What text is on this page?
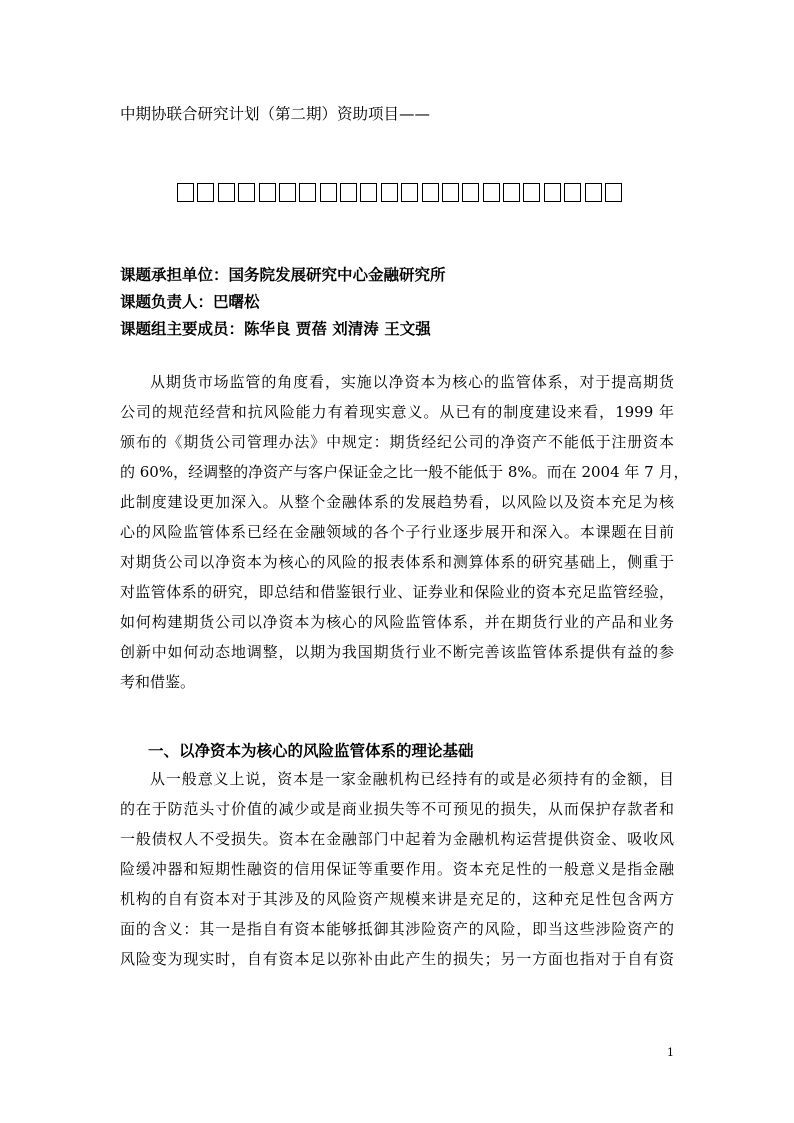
中期协联合研究计划（第二期）资助项目——
课题承担单位：国务院发展研究中心金融研究所
课题负责人：巴曙松
课题组主要成员：陈华良 贾蓓 刘清涛 王文强
从期货市场监管的角度看，实施以净资本为核心的监管体系，对于提高期货
公司的规范经营和抗风险能力有着现实意义。从已有的制度建设来看，1999 年
颁布的《期货公司管理办法》中规定：期货经纪公司的净资产不能低于注册资本
的 60%，经调整的净资产与客户保证金之比一般不能低于 8%。而在 2004 年 7 月，
此制度建设更加深入。从整个金融体系的发展趋势看，以风险以及资本充足为核
心的风险监管体系已经在金融领域的各个子行业逐步展开和深入。本课题在目前
对期货公司以净资本为核心的风险的报表体系和测算体系的研究基础上，侧重于
对监管体系的研究，即总结和借鉴银行业、证券业和保险业的资本充足监管经验，
如何构建期货公司以净资本为核心的风险监管体系，并在期货行业的产品和业务
创新中如何动态地调整，以期为我国期货行业不断完善该监管体系提供有益的参
考和借鉴。
一、以净资本为核心的风险监管体系的理论基础
从一般意义上说，资本是一家金融机构已经持有的或是必须持有的金额，目
的在于防范头寸价值的减少或是商业损失等不可预见的损失，从而保护存款者和
一般债权人不受损失。资本在金融部门中起着为金融机构运营提供资金、吸收风
险缓冲器和短期性融资的信用保证等重要作用。资本充足性的一般意义是指金融
机构的自有资本对于其涉及的风险资产规模来讲是充足的，这种充足性包含两方
面的含义：其一是指自有资本能够抵御其涉险资产的风险，即当这些涉险资产的
风险变为现实时，自有资本足以弥补由此产生的损失；另一方面也指对于自有资
1
